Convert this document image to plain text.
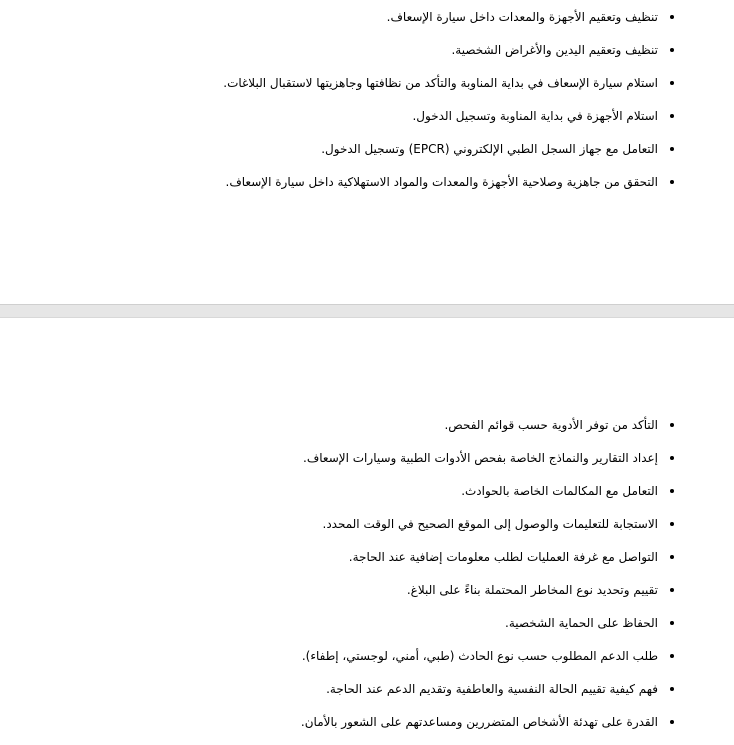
تنظيف وتعقيم الأجهزة والمعدات داخل سيارة الإسعاف.
تنظيف وتعقيم اليدين والأغراض الشخصية.
استلام سيارة الإسعاف في بداية المناوبة والتأكد من نظافتها وجاهزيتها لاستقبال البلاغات.
استلام الأجهزة في بداية المناوبة وتسجيل الدخول.
التعامل مع جهاز السجل الطبي الإلكتروني (EPCR) وتسجيل الدخول.
التحقق من جاهزية وصلاحية الأجهزة والمعدات والمواد الاستهلاكية داخل سيارة الإسعاف.
التأكد من توفر الأدوية حسب قوائم الفحص.
إعداد التقارير والنماذج الخاصة بفحص الأدوات الطبية وسيارات الإسعاف.
التعامل مع المكالمات الخاصة بالحوادث.
الاستجابة للتعليمات والوصول إلى الموقع الصحيح في الوقت المحدد.
التواصل مع غرفة العمليات لطلب معلومات إضافية عند الحاجة.
تقييم وتحديد نوع المخاطر المحتملة بناءً على البلاغ.
الحفاظ على الحماية الشخصية.
طلب الدعم المطلوب حسب نوع الحادث (طبي، أمني، لوجستي، إطفاء).
فهم كيفية تقييم الحالة النفسية والعاطفية وتقديم الدعم عند الحاجة.
القدرة على تهدئة الأشخاص المتضررين ومساعدتهم على الشعور بالأمان.
